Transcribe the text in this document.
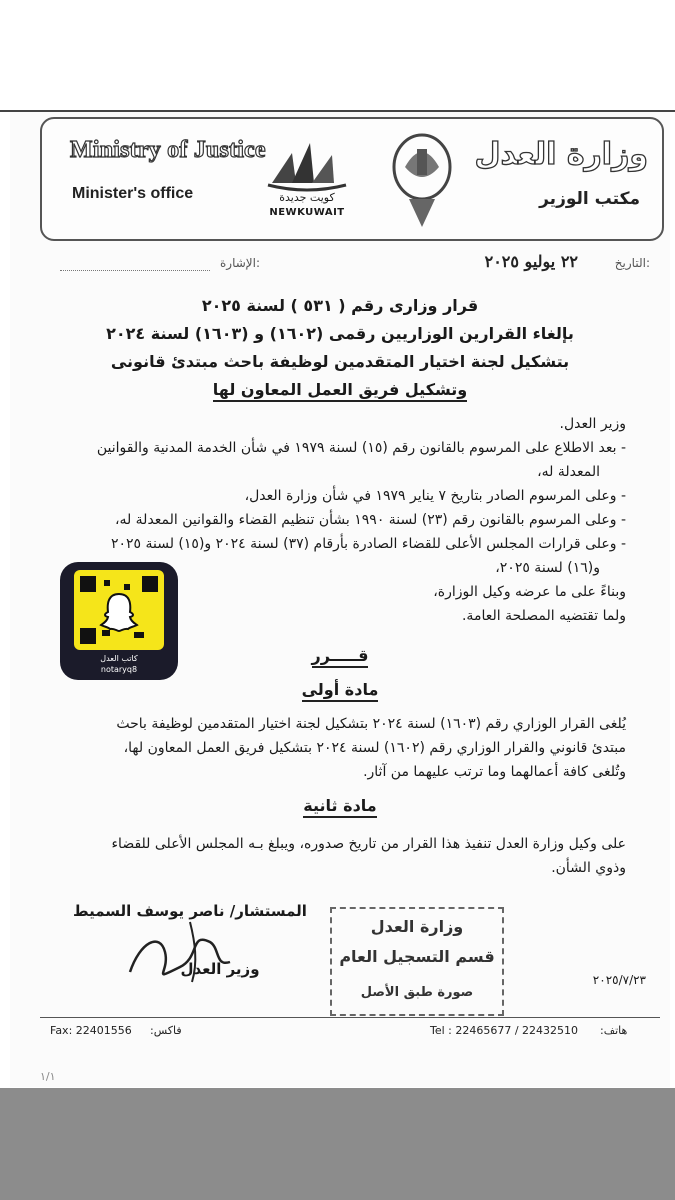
Ministry of Justice
Minister's office	كويت جديدة
NEWKUWAIT
وزارة العدل
مكتب الوزير
التاريخ:
٢٢ يوليو ٢٠٢٥
الإشارة:
قرار وزارى رقم ( ٥٣١ ) لسنة ٢٠٢٥
بإلغاء القرارين الوزاريين رقمى (١٦٠٢) و (١٦٠٣) لسنة ٢٠٢٤
بتشكيل لجنة اختيار المتقدمين لوظيفة باحث مبتدئ قانونى
وتشكيل فريق العمل المعاون لها
وزير العدل.
- بعد الاطلاع على المرسوم بالقانون رقم (١٥) لسنة ١٩٧٩ في شأن الخدمة المدنية والقوانين
المعدلة له،
- وعلى المرسوم الصادر بتاريخ ٧ يناير ١٩٧٩ في شأن وزارة العدل،
- وعلى المرسوم بالقانون رقم (٢٣) لسنة ١٩٩٠ بشأن تنظيم القضاء والقوانين المعدلة له،
- وعلى قرارات المجلس الأعلى للقضاء الصادرة بأرقام (٣٧) لسنة ٢٠٢٤ و(١٥) لسنة ٢٠٢٥
و(١٦) لسنة ٢٠٢٥،
وبناءً على ما عرضه وكيل الوزارة،
ولما تقتضيه المصلحة العامة.
كاتب العدل
notaryq8
قـــــرر
مادة أولى
يُلغى القرار الوزاري رقم (١٦٠٣) لسنة ٢٠٢٤ بتشكيل لجنة اختيار المتقدمين لوظيفة باحث
مبتدئ قانوني والقرار الوزاري رقم (١٦٠٢) لسنة ٢٠٢٤ بتشكيل فريق العمل المعاون لها،
وتُلغى كافة أعمالهما وما ترتب عليهما من آثار.
مادة ثانية
على وكيل وزارة العدل تنفيذ هذا القرار من تاريخ صدوره، ويبلغ بـه المجلس الأعلى للقضاء
وذوي الشأن.
المستشار/ ناصر يوسف السميط
وزير العدل
وزارة العدل
قسم التسجيل العام
صورة طبق الأصل
٢٠٢٥/٧/٢٣
Fax: 22401556 فاكس:	Tel : 22465677 / 22432510 هاتف:
١/١
